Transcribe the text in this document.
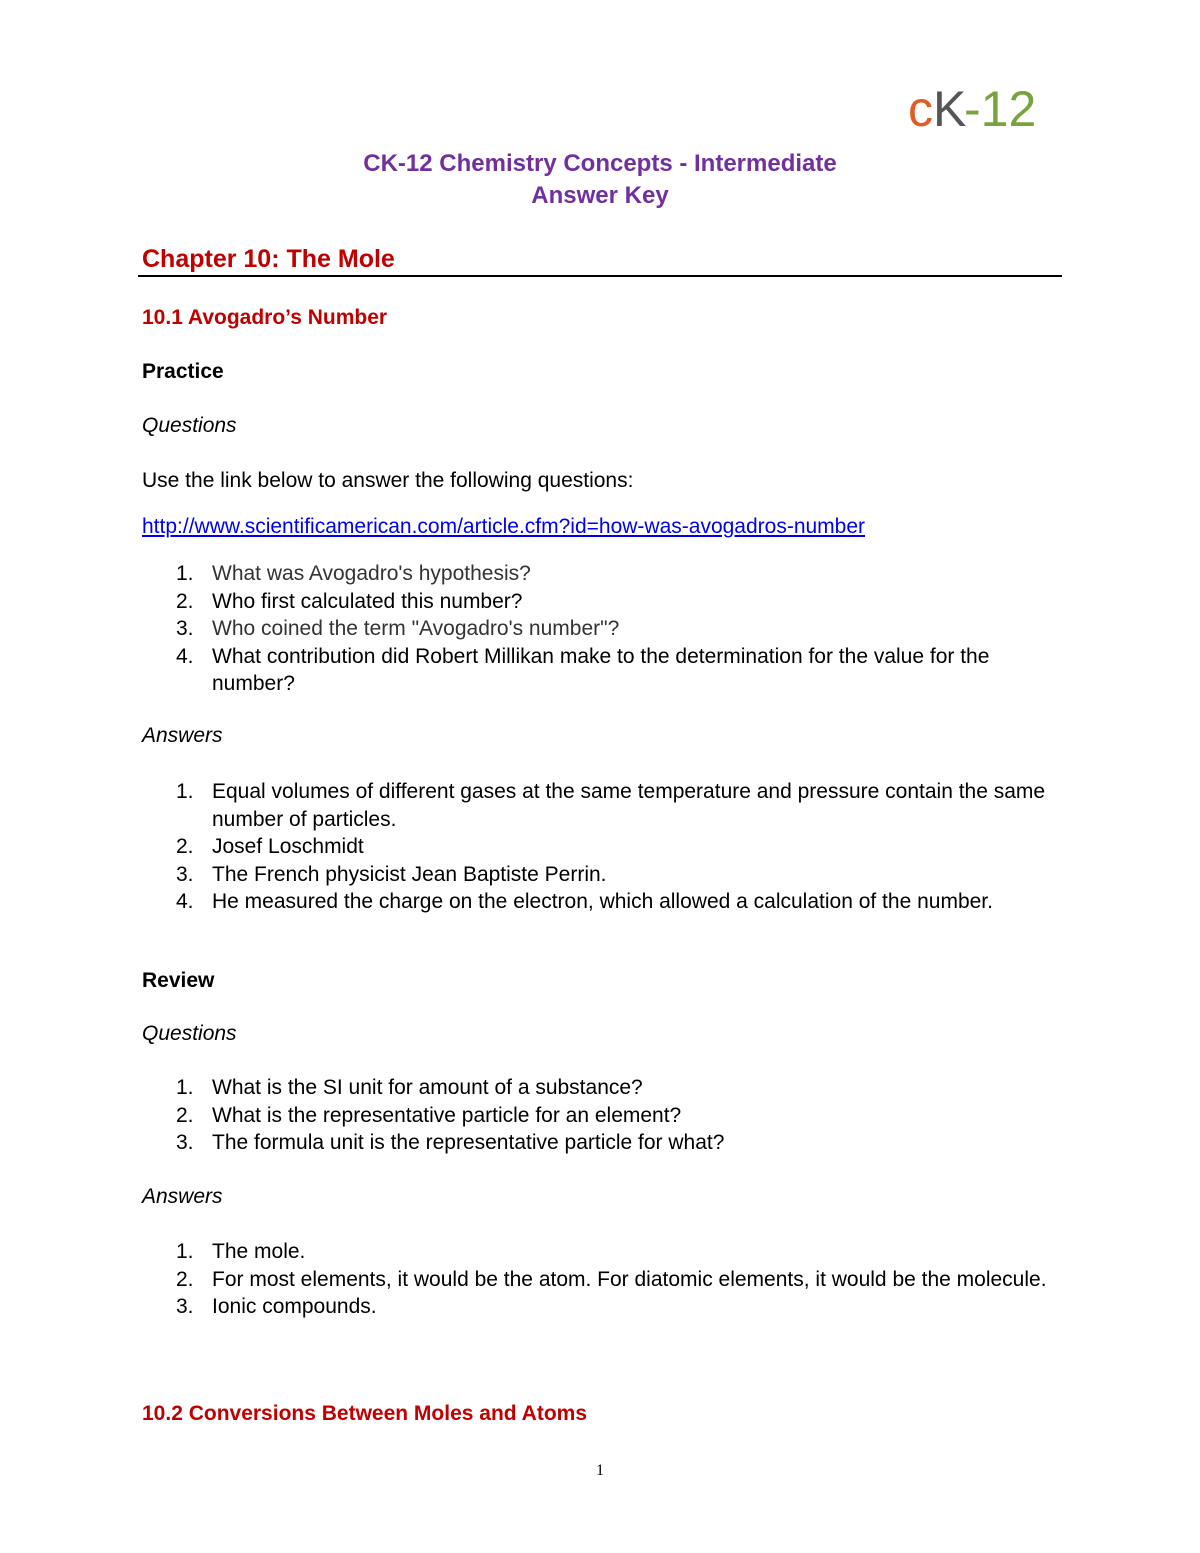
c K
-12
CK-12 Chemistry Concepts - Intermediate
Answer Key
Chapter 10: The Mole
10.1 Avogadro’s Number
Practice
Questions
Use the link below to answer the following questions:
http://www.scientificamerican.com/article.cfm?id=how-was-avogadros-number
1. What was Avogadro's hypothesis?
2. Who first calculated this number?
3. Who coined the term "Avogadro's number"?
4. What contribution did Robert Millikan make to the determination for the value for the number?
Answers
1. Equal volumes of different gases at the same temperature and pressure contain the same number of particles.
2. Josef Loschmidt
3. The French physicist Jean Baptiste Perrin.
4. He measured the charge on the electron, which allowed a calculation of the number.
Review
Questions
1. What is the SI unit for amount of a substance?
2. What is the representative particle for an element?
3. The formula unit is the representative particle for what?
Answers
1. The mole.
2. For most elements, it would be the atom. For diatomic elements, it would be the molecule.
3. Ionic compounds.
10.2 Conversions Between Moles and Atoms
1
